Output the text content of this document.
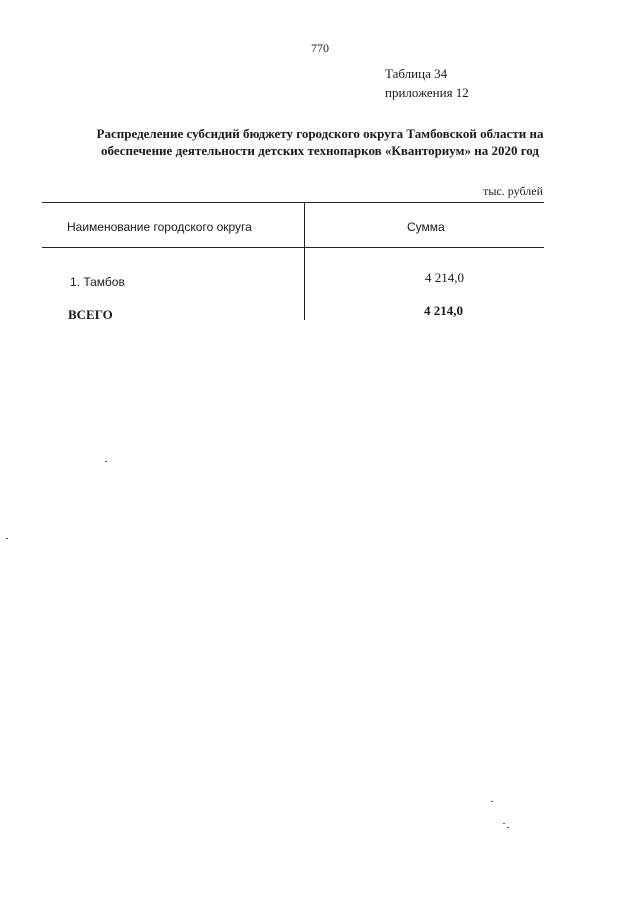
770
Таблица 34
приложения 12
Распределение субсидий бюджету городского округа Тамбовской области на
обеспечение деятельности детских технопарков «Кванториум» на 2020 год
тыс. рублей
Наименование городского округа	Сумма
1. Тамбов	4 214,0
ВСЕГО	4 214,0
